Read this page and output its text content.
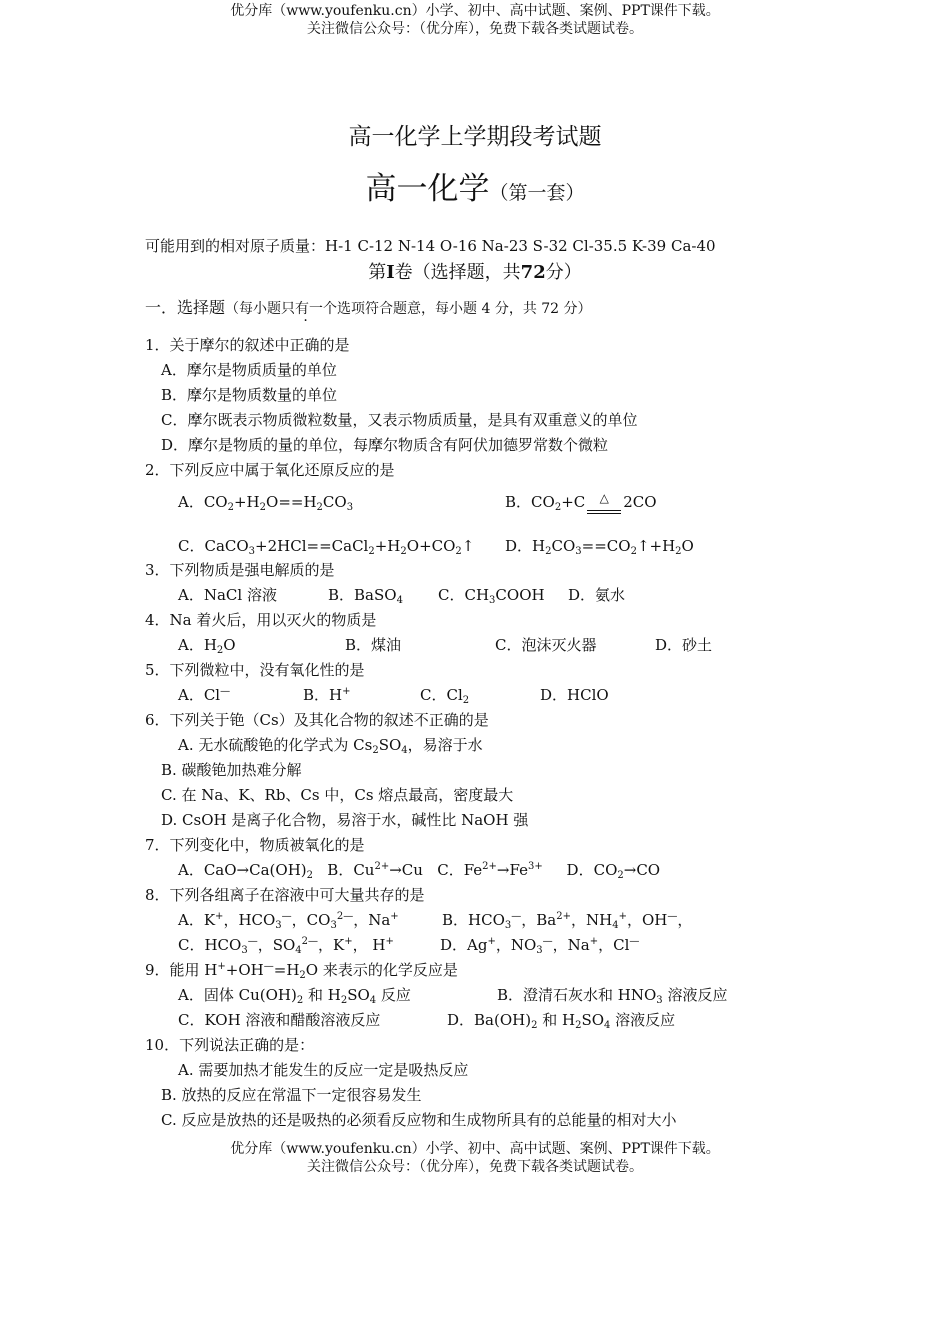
优分库（www.youfenku.cn）小学、初中、高中试题、案例、PPT课件下载。
关注微信公众号：（优分库），免费下载各类试题试卷。
高一化学上学期段考试题
高一化学（第一套）
可能用到的相对原子质量：H-1 C-12 N-14 O-16 Na-23 S-32 Cl-35.5 K-39 Ca-40
第I卷（选择题，共72分）
一．选择题（每小题只有一个选项符合题意，每小题 4 分，共 72 分）
1．关于摩尔的叙述中正确的是
A．摩尔是物质质量的单位
B．摩尔是物质数量的单位
C．摩尔既表示物质微粒数量，又表示物质质量，是具有双重意义的单位
D．摩尔是物质的量的单位，每摩尔物质含有阿伏加德罗常数个微粒
2．下列反应中属于氧化还原反应的是
A．$CO_2+H_2O==H_2CO_3$	B．$CO_2+C$ △ 2CO
C．$CaCO_3+2HCl==CaCl_2+H_2O+CO_2↑$ D．$H_2CO_3==CO_2↑+H_2O$
3．下列物质是强电解质的是
A．NaCl 溶液	B．BaSO$_4$ C．$CH_3COOH$ D．氨水
4．Na 着火后，用以灭火的物质是
A．$H_2O$	B．煤油	C．泡沫灭火器	D．砂土
5．下列微粒中，没有氧化性的是
A．Cl—	B．H+	C．$Cl_2$	D．HClO
6．下列关于铯（Cs）及其化合物的叙述不正确的是
A. 无水硫酸铯的化学式为 $Cs_2SO_4$，易溶于水
B. 碳酸铯加热难分解
C. 在 Na、K、Rb、Cs 中，Cs 熔点最高，密度最大
D. CsOH 是离子化合物，易溶于水，碱性比 NaOH 强
7．下列变化中，物质被氧化的是
A．$CaO\to Ca(OH)_2$   B．$Cu^{2+}\to Cu$   C．$Fe^{2+}\to Fe^{3+}$     D．$CO_2\to CO$
8．下列各组离子在溶液中可大量共存的是
A．K+，$HCO_3^—$，$CO_3^{2—}$，Na+	B．$HCO_3^—$，$Ba^{2+}$，$NH_4^+$，OH—，
C．$HCO_3^—$，$SO_4^{2—}$，K+， H+	D．Ag+，$NO_3^—$，Na+，Cl—
9．能用 $H^++OH^—=H_2O$ 来表示的化学反应是
A．固体 $Cu(OH)_2$ 和 $H_2SO_4$ 反应	B．澄清石灰水和 $HNO_3$ 溶液反应
C．KOH 溶液和醋酸溶液反应	D．$Ba(OH)_2$ 和 $H_2SO_4$ 溶液反应
10．下列说法正确的是：
A. 需要加热才能发生的反应一定是吸热反应
B. 放热的反应在常温下一定很容易发生
C. 反应是放热的还是吸热的必须看反应物和生成物所具有的总能量的相对大小
优分库（www.youfenku.cn）小学、初中、高中试题、案例、PPT课件下载。
关注微信公众号：（优分库），免费下载各类试题试卷。
